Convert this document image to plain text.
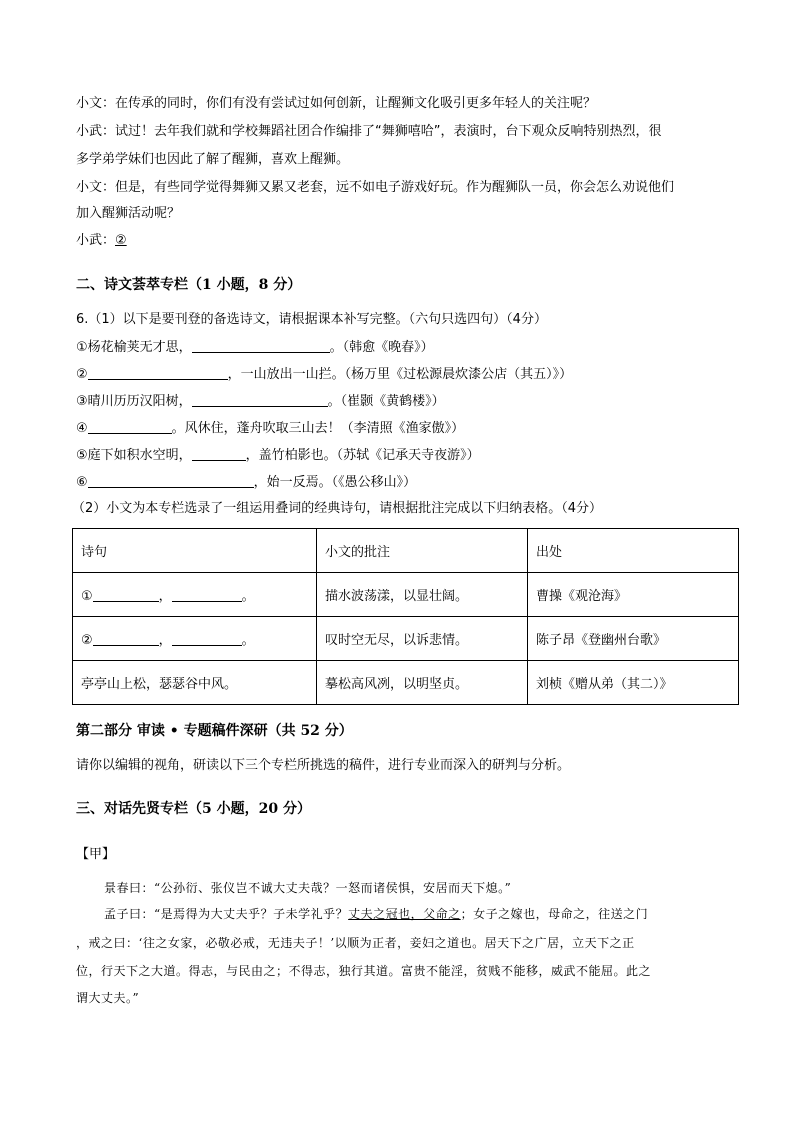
小文：在传承的同时，你们有没有尝试过如何创新，让醒狮文化吸引更多年轻人的关注呢？
小武：试过！去年我们就和学校舞蹈社团合作编排了“舞狮嘻哈”，表演时，台下观众反响特别热烈，很
多学弟学妹们也因此了解了醒狮，喜欢上醒狮。
小文：但是，有些同学觉得舞狮又累又老套，远不如电子游戏好玩。作为醒狮队一员，你会怎么劝说他们
加入醒狮活动呢？
小武：②
二、诗文荟萃专栏（1 小题，8 分）
6.（1）以下是要刊登的备选诗文，请根据课本补写完整。（六句只选四句）（4分）
①杨花榆荚无才思，	。（韩愈《晚春》）
②	，一山放出一山拦。（杨万里《过松源晨炊漆公店（其五）》）
③晴川历历汉阳树，	。（崔颢《黄鹤楼》）
④	。风休住，蓬舟吹取三山去！（李清照《渔家傲》）
⑤庭下如积水空明，	，盖竹柏影也。（苏轼《记承天寺夜游》）
⑥	，始一反焉。（《愚公移山》）
（2）小文为本专栏选录了一组运用叠词的经典诗句，请根据批注完成以下归纳表格。（4分）
诗句	小文的批注	出处
① ， 。	描水波荡漾，以显壮阔。	曹操《观沧海》
② ， 。	叹时空无尽，以诉悲情。	陈子昂《登幽州台歌》
亭亭山上松，瑟瑟谷中风。	摹松高风冽，以明坚贞。	刘桢《赠从弟（其二）》
第二部分 审读 • 专题稿件深研（共 52 分）
请你以编辑的视角，研读以下三个专栏所挑选的稿件，进行专业而深入的研判与分析。
三、对话先贤专栏（5 小题，20 分）
【甲】
景春曰：“公孙衍、张仪岂不诚大丈夫哉？一怒而诸侯惧，安居而天下熄。”
孟子曰：“是焉得为大丈夫乎？子未学礼乎？丈夫之冠也，父命之；女子之嫁也，母命之，往送之门
，戒之曰：‘往之女家，必敬必戒，无违夫子！’以顺为正者，妾妇之道也。居天下之广居，立天下之正
位，行天下之大道。得志，与民由之；不得志，独行其道。富贵不能淫，贫贱不能移，威武不能屈。此之
谓大丈夫。”
